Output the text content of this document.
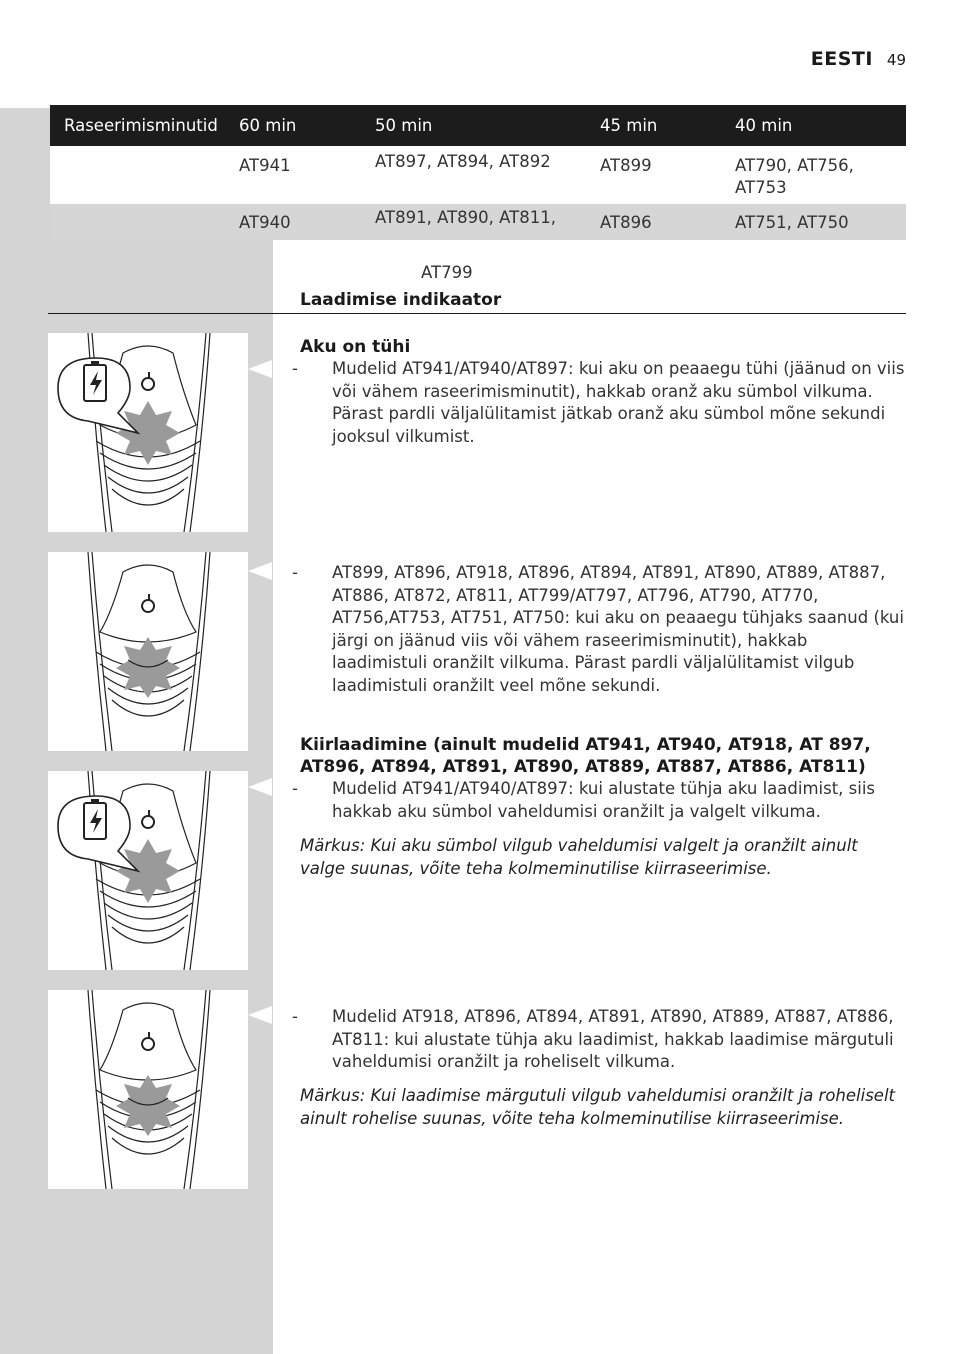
EESTI 49
Raseerimisminutid	60 min	50 min	45 min	40 min
	AT941	AT897, AT894, AT892	AT899	AT790, AT756, AT753
	AT940	AT891, AT890, AT811,	AT896	AT751, AT750
AT799
Laadimise indikaator
Aku on tühi
- Mudelid AT941/AT940/AT897: kui aku on peaaegu tühi (jäänud on viis või vähem raseerimisminutit), hakkab oranž aku sümbol vilkuma. Pärast pardli väljalülitamist jätkab oranž aku sümbol mõne sekundi jooksul vilkumist.
- AT899, AT896, AT918, AT896, AT894, AT891, AT890, AT889, AT887, AT886, AT872, AT811, AT799/AT797, AT796, AT790, AT770, AT756,AT753, AT751, AT750: kui aku on peaaegu tühjaks saanud (kui järgi on jäänud viis või vähem raseerimisminutit), hakkab laadimistuli oranžilt vilkuma. Pärast pardli väljalülitamist vilgub laadimistuli oranžilt veel mõne sekundi.
Kiirlaadimine (ainult mudelid AT941, AT940, AT918, AT 897, AT896, AT894, AT891, AT890, AT889, AT887, AT886, AT811)
- Mudelid AT941/AT940/AT897: kui alustate tühja aku laadimist, siis hakkab aku sümbol vaheldumisi oranžilt ja valgelt vilkuma.
Märkus: Kui aku sümbol vilgub vaheldumisi valgelt ja oranžilt ainult valge suunas, võite teha kolmeminutilise kiirraseerimise.
- Mudelid AT918, AT896, AT894, AT891, AT890, AT889, AT887, AT886, AT811: kui alustate tühja aku laadimist, hakkab laadimise märgutuli vaheldumisi oranžilt ja roheliselt vilkuma.
Märkus: Kui laadimise märgutuli vilgub vaheldumisi oranžilt ja roheliselt ainult rohelise suunas, võite teha kolmeminutilise kiirraseerimise.
